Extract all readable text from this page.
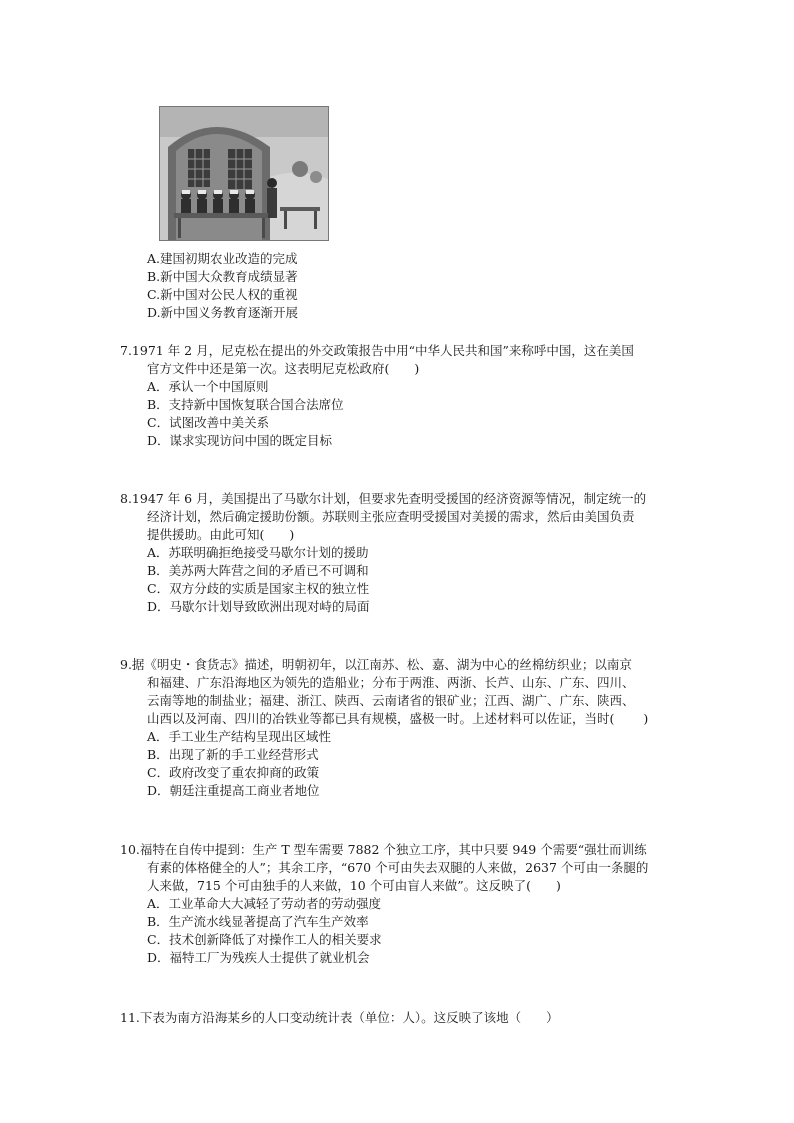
A.建国初期农业改造的完成
B.新中国大众教育成绩显著
C.新中国对公民人权的重视
D.新中国义务教育逐渐开展
7.1971 年 2 月，尼克松在提出的外交政策报告中用“中华人民共和国”来称呼中国，这在美国
官方文件中还是第一次。这表明尼克松政府(　　)
A．承认一个中国原则
B．支持新中国恢复联合国合法席位
C．试图改善中美关系
D．谋求实现访问中国的既定目标
8.1947 年 6 月，美国提出了马歇尔计划，但要求先查明受援国的经济资源等情况，制定统一的
经济计划，然后确定援助份额。苏联则主张应查明受援国对美援的需求，然后由美国负责
提供援助。由此可知(　　)
A．苏联明确拒绝接受马歇尔计划的援助
B．美苏两大阵营之间的矛盾已不可调和
C．双方分歧的实质是国家主权的独立性
D．马歇尔计划导致欧洲出现对峙的局面
9.据《明史・食货志》描述，明朝初年，以江南苏、松、嘉、湖为中心的丝棉纺织业；以南京
和福建、广东沿海地区为领先的造船业；分布于两淮、两浙、长芦、山东、广东、四川、
云南等地的制盐业；福建、浙江、陕西、云南诸省的银矿业；江西、湖广、广东、陕西、
山西以及河南、四川的冶铁业等都已具有规模，盛极一时。上述材料可以佐证，当时(　　 )
A．手工业生产结构呈现出区域性
B．出现了新的手工业经营形式
C．政府改变了重农抑商的政策
D．朝廷注重提高工商业者地位
10.福特在自传中提到：生产 T 型车需要 7882 个独立工序，其中只要 949 个需要“强壮而训练
有素的体格健全的人”；其余工序，“670 个可由失去双腿的人来做，2637 个可由一条腿的
人来做，715 个可由独手的人来做，10 个可由盲人来做”。这反映了(　　)
A．工业革命大大减轻了劳动者的劳动强度
B．生产流水线显著提高了汽车生产效率
C．技术创新降低了对操作工人的相关要求
D．福特工厂为残疾人士提供了就业机会
11.下表为南方沿海某乡的人口变动统计表（单位：人）。这反映了该地（　　）
